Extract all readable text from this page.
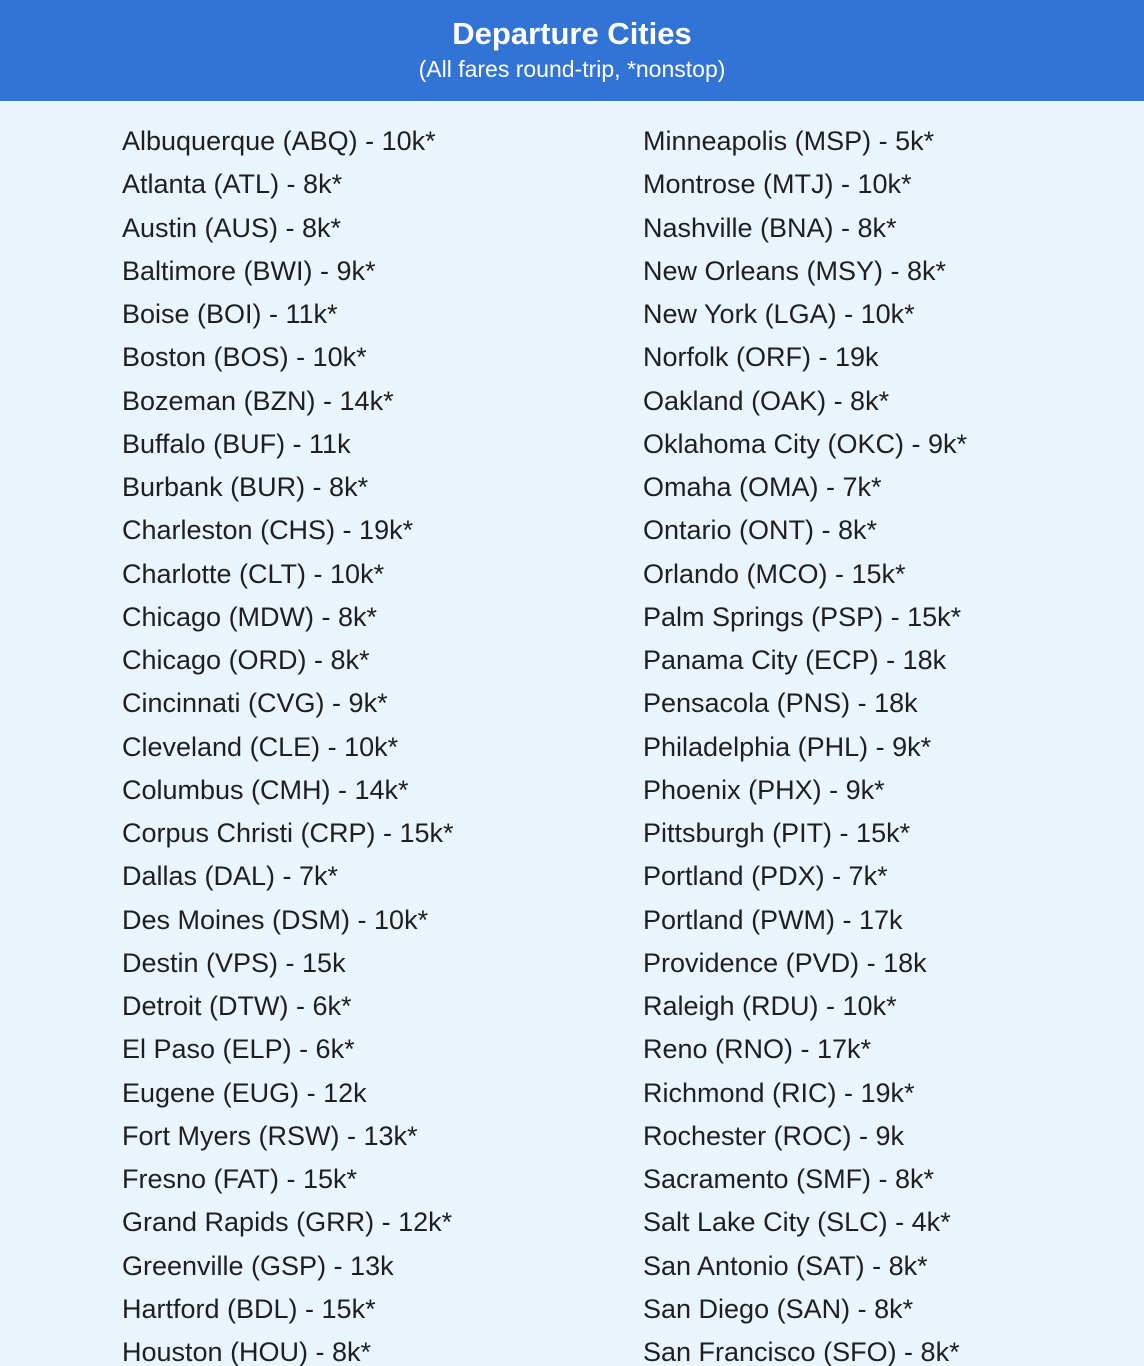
Departure Cities
(All fares round-trip, *nonstop)
Albuquerque (ABQ) - 10k*
Atlanta (ATL) - 8k*
Austin (AUS) - 8k*
Baltimore (BWI) - 9k*
Boise (BOI) - 11k*
Boston (BOS) - 10k*
Bozeman (BZN) - 14k*
Buffalo (BUF) - 11k
Burbank (BUR) - 8k*
Charleston (CHS) - 19k*
Charlotte (CLT) - 10k*
Chicago (MDW) - 8k*
Chicago (ORD) - 8k*
Cincinnati (CVG) - 9k*
Cleveland (CLE) - 10k*
Columbus (CMH) - 14k*
Corpus Christi (CRP) - 15k*
Dallas (DAL) - 7k*
Des Moines (DSM) - 10k*
Destin (VPS) - 15k
Detroit (DTW) - 6k*
El Paso (ELP) - 6k*
Eugene (EUG) - 12k
Fort Myers (RSW) - 13k*
Fresno (FAT) - 15k*
Grand Rapids (GRR) - 12k*
Greenville (GSP) - 13k
Hartford (BDL) - 15k*
Houston (HOU) - 8k*
Minneapolis (MSP) - 5k*
Montrose (MTJ) - 10k*
Nashville (BNA) - 8k*
New Orleans (MSY) - 8k*
New York (LGA) - 10k*
Norfolk (ORF) - 19k
Oakland (OAK) - 8k*
Oklahoma City (OKC) - 9k*
Omaha (OMA) - 7k*
Ontario (ONT) - 8k*
Orlando (MCO) - 15k*
Palm Springs (PSP) - 15k*
Panama City (ECP) - 18k
Pensacola (PNS) - 18k
Philadelphia (PHL) - 9k*
Phoenix (PHX) - 9k*
Pittsburgh (PIT) - 15k*
Portland (PDX) - 7k*
Portland (PWM) - 17k
Providence (PVD) - 18k
Raleigh (RDU) - 10k*
Reno (RNO) - 17k*
Richmond (RIC) - 19k*
Rochester (ROC) - 9k
Sacramento (SMF) - 8k*
Salt Lake City (SLC) - 4k*
San Antonio (SAT) - 8k*
San Diego (SAN) - 8k*
San Francisco (SFO) - 8k*
